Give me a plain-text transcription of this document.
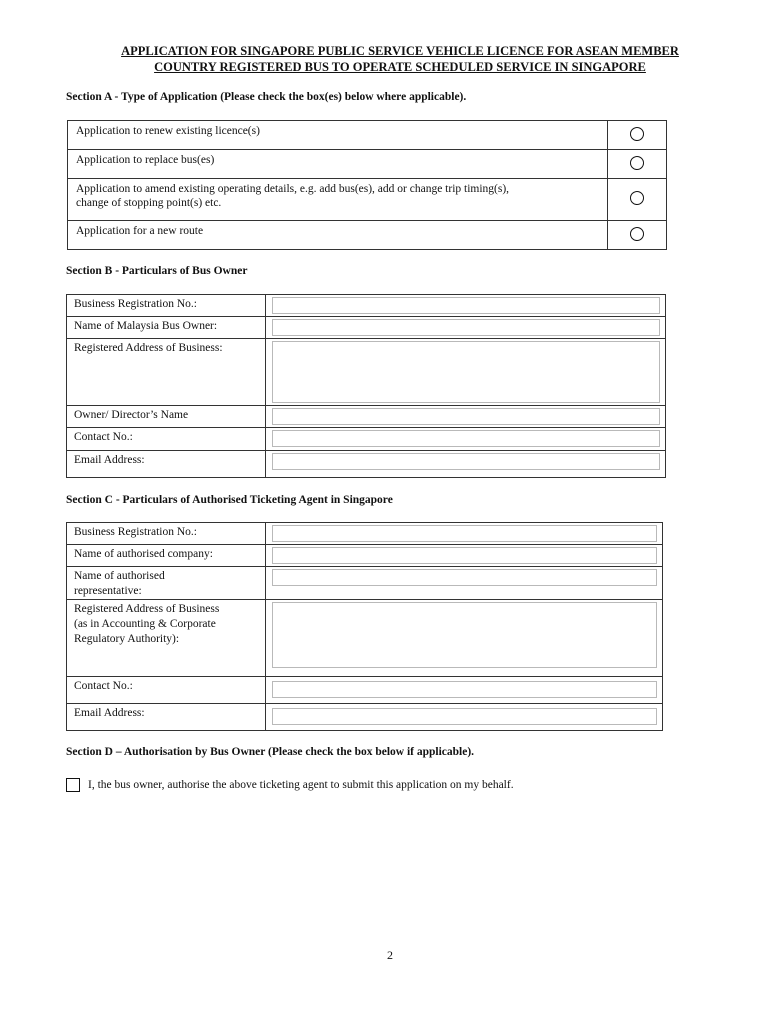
APPLICATION FOR SINGAPORE PUBLIC SERVICE VEHICLE LICENCE FOR ASEAN MEMBER
COUNTRY REGISTERED BUS TO OPERATE SCHEDULED SERVICE IN SINGAPORE
Section A - Type of Application (Please check the box(es) below where applicable).
Application to renew existing licence(s)	

Application to replace bus(es)	

Application to amend existing operating details, e.g. add bus(es), add or change trip timing(s),
change of stopping point(s) etc.	

Application for a new route	

Section B - Particulars of Bus Owner
Business Registration No.:	

Name of Malaysia Bus Owner:	

Registered Address of Business:	

Owner/ Director’s Name	

Contact No.:	

Email Address:	

Section C - Particulars of Authorised Ticketing Agent in Singapore
Business Registration No.:	

Name of authorised company:	

Name of authorised
representative:	

Registered Address of Business
(as in Accounting & Corporate
Regulatory Authority):	

Contact No.:	

Email Address:	

Section D – Authorisation by Bus Owner (Please check the box below if applicable).
I, the bus owner, authorise the above ticketing agent to submit this application on my behalf.
2
